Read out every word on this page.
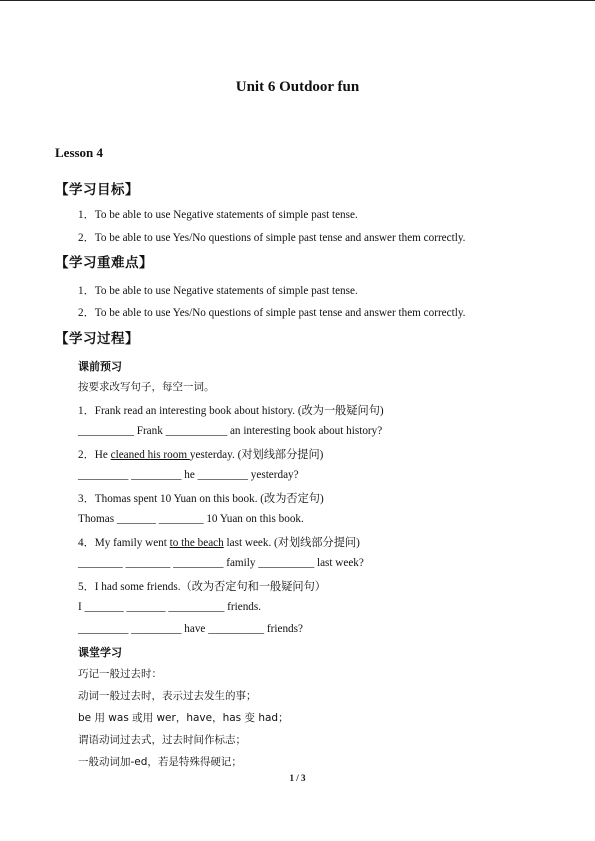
Unit 6 Outdoor fun
Lesson 4
【学习目标】
1．To be able to use Negative statements of simple past tense.
2．To be able to use Yes/No questions of simple past tense and answer them correctly.
【学习重难点】
1．To be able to use Negative statements of simple past tense.
2．To be able to use Yes/No questions of simple past tense and answer them correctly.
【学习过程】
课前预习
按要求改写句子，每空一词。
1．Frank read an interesting book about history. (改为一般疑问句)
__________ Frank ___________ an interesting book about history?
2．He cleaned his room yesterday. (对划线部分提问)
_________ _________ he _________ yesterday?
3．Thomas spent 10 Yuan on this book. (改为否定句)
Thomas _______ ________ 10 Yuan on this book.
4．My family went to the beach last week. (对划线部分提问)
________ ________ _________ family __________ last week?
5．I had some friends.（改为否定句和一般疑问句）
I _______ _______ __________ friends.
_________ _________ have __________ friends?
课堂学习
巧记一般过去时：
动词一般过去时，表示过去发生的事；
be 用 was 或用 wer，have，has 变 had；
谓语动词过去式，过去时间作标志；
一般动词加-ed，若是特殊得硬记；
1 / 3
